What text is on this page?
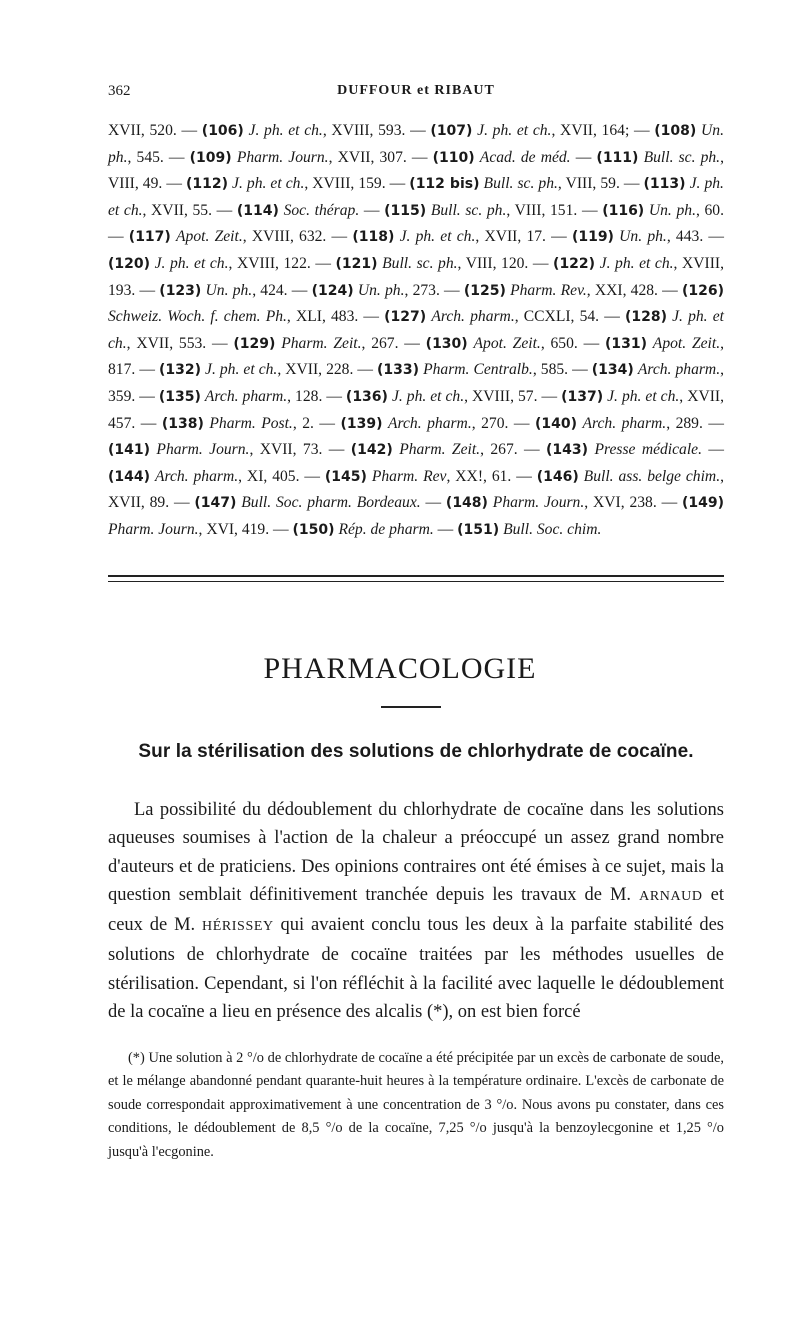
362	DUFFOUR et RIBAUT
XVII, 520. — (106) J. ph. et ch., XVIII, 593. — (107) J. ph. et ch., XVII, 164; — (108) Un. ph., 545. — (109) Pharm. Journ., XVII, 307. — (110) Acad. de méd. — (111) Bull. sc. ph., VIII, 49. — (112) J. ph. et ch., XVIII, 159. — (112 bis) Bull. sc. ph., VIII, 59. — (113) J. ph. et ch., XVII, 55. — (114) Soc. thérap. — (115) Bull. sc. ph., VIII, 151. — (116) Un. ph., 60. — (117) Apot. Zeit., XVIII, 632. — (118) J. ph. et ch., XVII, 17. — (119) Un. ph., 443. — (120) J. ph. et ch., XVIII, 122. — (121) Bull. sc. ph., VIII, 120. — (122) J. ph. et ch., XVIII, 193. — (123) Un. ph., 424. — (124) Un. ph., 273. — (125) Pharm. Rev., XXI, 428. — (126) Schweiz. Woch. f. chem. Ph., XLI, 483. — (127) Arch. pharm., CCXLI, 54. — (128) J. ph. et ch., XVII, 553. — (129) Pharm. Zeit., 267. — (130) Apot. Zeit., 650. — (131) Apot. Zeit., 817. — (132) J. ph. et ch., XVII, 228. — (133) Pharm. Centralb., 585. — (134) Arch. pharm., 359. — (135) Arch. pharm., 128. — (136) J. ph. et ch., XVIII, 57. — (137) J. ph. et ch., XVII, 457. — (138) Pharm. Post., 2. — (139) Arch. pharm., 270. — (140) Arch. pharm., 289. — (141) Pharm. Journ., XVII, 73. — (142) Pharm. Zeit., 267. — (143) Presse médicale. — (144) Arch. pharm., XI, 405. — (145) Pharm. Rev, XX!, 61. — (146) Bull. ass. belge chim., XVII, 89. — (147) Bull. Soc. pharm. Bordeaux. — (148) Pharm. Journ., XVI, 238. — (149) Pharm. Journ., XVI, 419. — (150) Rép. de pharm. — (151) Bull. Soc. chim.
PHARMACOLOGIE
Sur la stérilisation des solutions de chlorhydrate de cocaïne.

La possibilité du dédoublement du chlorhydrate de cocaïne dans les solutions aqueuses soumises à l'action de la chaleur a préoccupé un assez grand nombre d'auteurs et de praticiens. Des opinions contraires ont été émises à ce sujet, mais la question semblait définitivement tranchée depuis les travaux de M. ARNAUD et ceux de M. HÉRISSEY qui avaient conclu tous les deux à la parfaite stabilité des solutions de chlorhydrate de cocaïne traitées par les méthodes usuelles de stérilisation. Cependant, si l'on réfléchit à la facilité avec laquelle le dédoublement de la cocaïne a lieu en présence des alcalis (*), on est bien forcé

(*) Une solution à 2 °/o de chlorhydrate de cocaïne a été précipitée par un excès de carbonate de soude, et le mélange abandonné pendant quarante-huit heures à la température ordinaire. L'excès de carbonate de soude correspondait approximativement à une concentration de 3 °/o. Nous avons pu constater, dans ces conditions, le dédoublement de 8,5 °/o de la cocaïne, 7,25 °/o jusqu'à la benzoylecgonine et 1,25 °/o jusqu'à l'ecgonine.
